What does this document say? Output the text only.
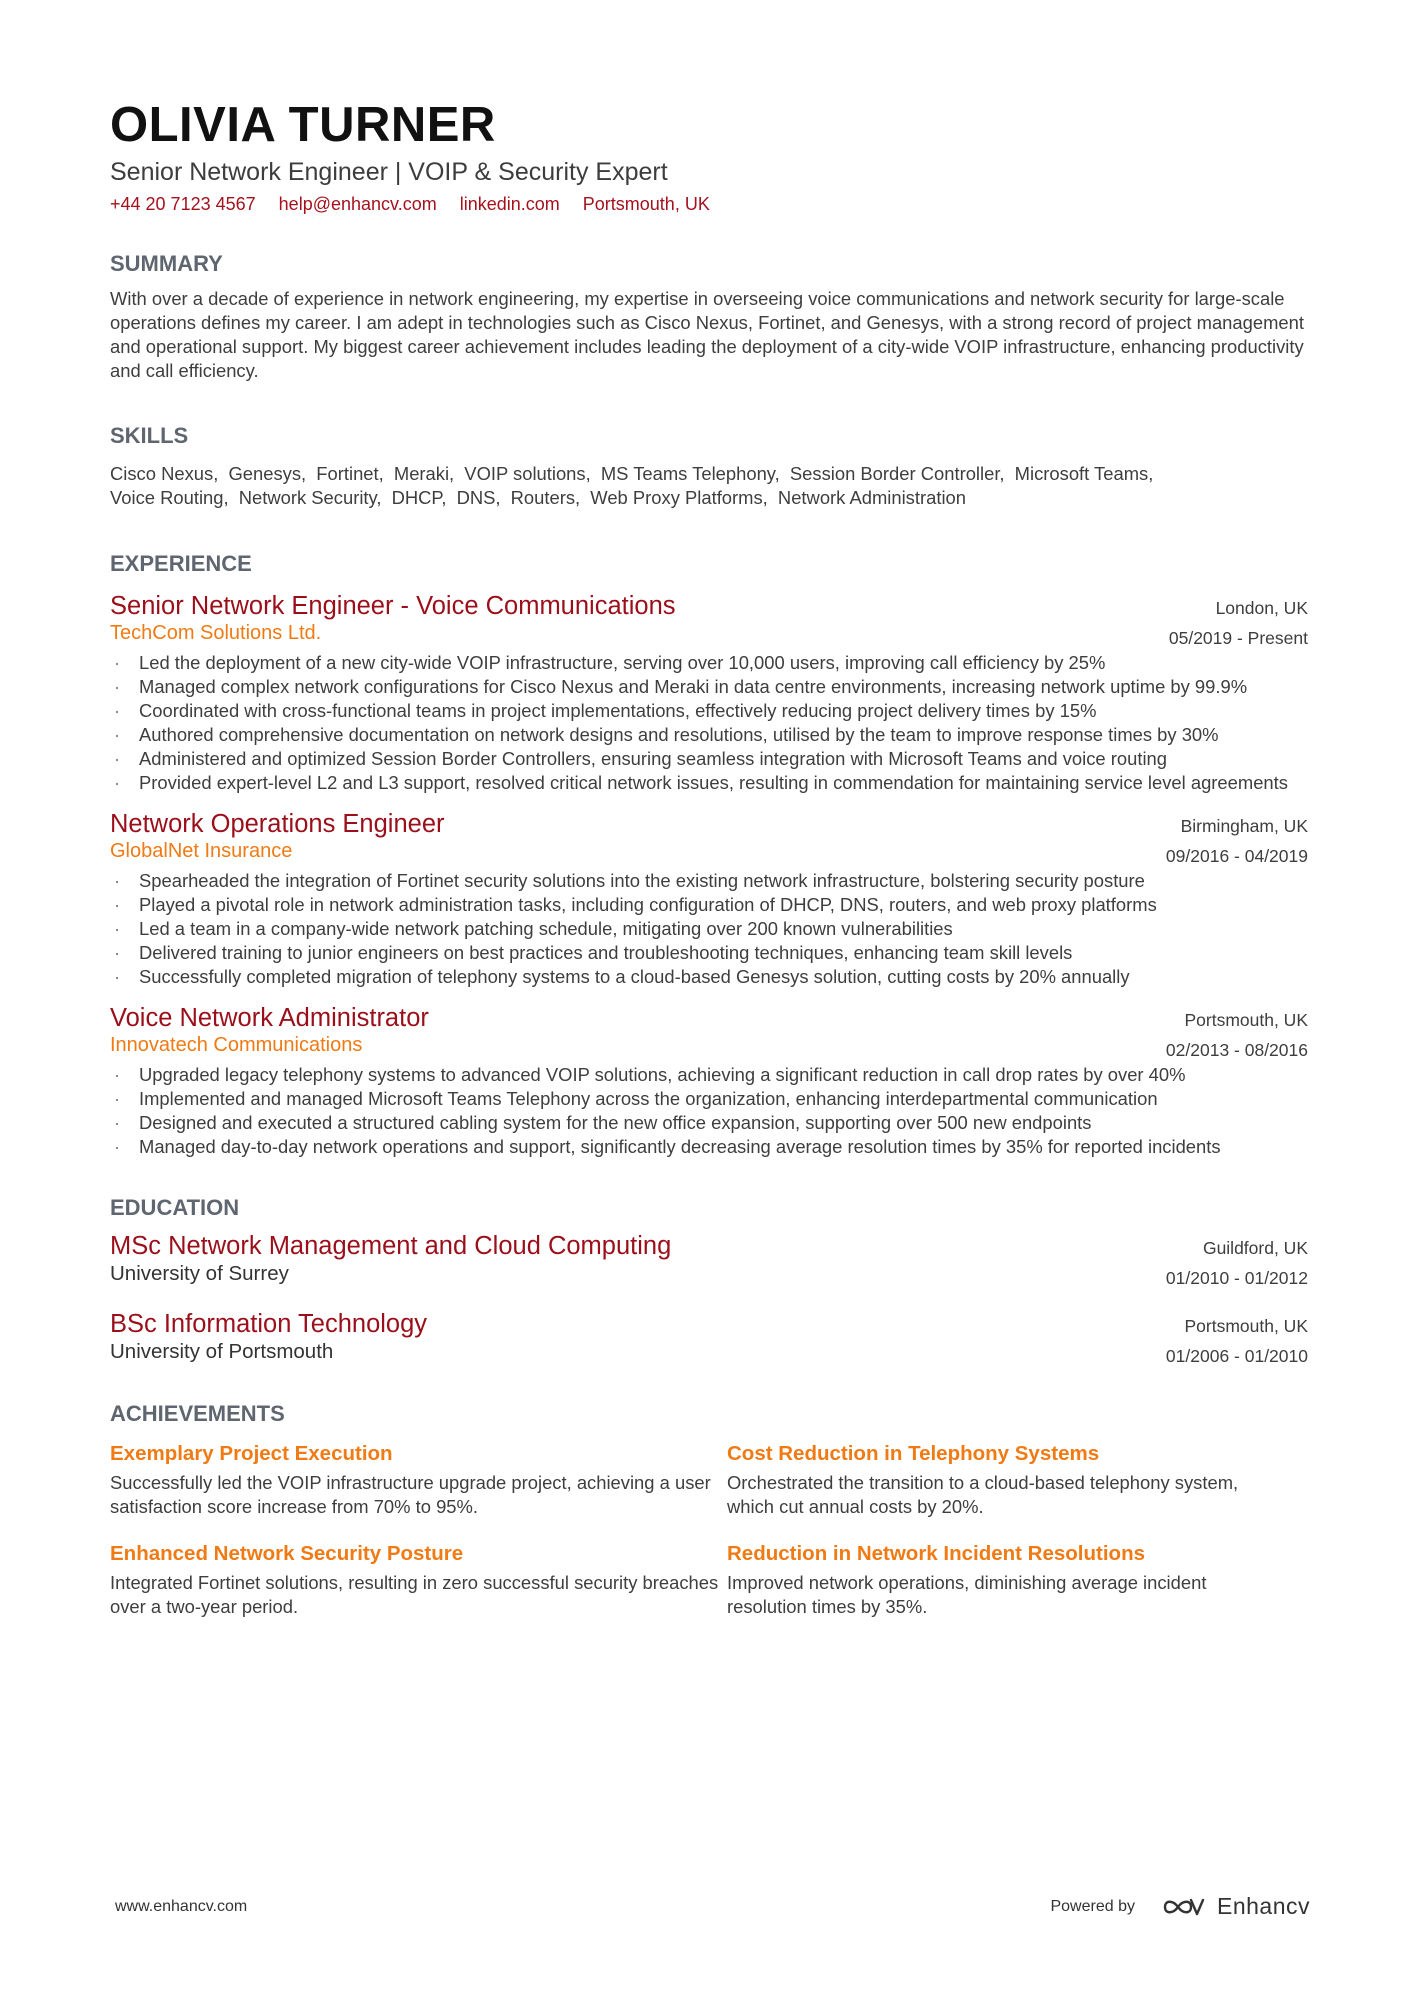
OLIVIA TURNER
Senior Network Engineer | VOIP & Security Expert
+44 20 7123 4567 help@enhancv.com linkedin.com Portsmouth, UK
SUMMARY
With over a decade of experience in network engineering, my expertise in overseeing voice communications and network security for large-scale operations defines my career. I am adept in technologies such as Cisco Nexus, Fortinet, and Genesys, with a strong record of project management and operational support. My biggest career achievement includes leading the deployment of a city-wide VOIP infrastructure, enhancing productivity and call efficiency.
SKILLS
Cisco Nexus, Genesys, Fortinet, Meraki, VOIP solutions, MS Teams Telephony, Session Border Controller, Microsoft Teams,
Voice Routing, Network Security, DHCP, DNS, Routers, Web Proxy Platforms, Network Administration
EXPERIENCE
Senior Network Engineer - Voice Communications
TechCom Solutions Ltd.
London, UK
05/2019 - Present
· Led the deployment of a new city-wide VOIP infrastructure, serving over 10,000 users, improving call efficiency by 25%
· Managed complex network configurations for Cisco Nexus and Meraki in data centre environments, increasing network uptime by 99.9%
· Coordinated with cross-functional teams in project implementations, effectively reducing project delivery times by 15%
· Authored comprehensive documentation on network designs and resolutions, utilised by the team to improve response times by 30%
· Administered and optimized Session Border Controllers, ensuring seamless integration with Microsoft Teams and voice routing
· Provided expert-level L2 and L3 support, resolved critical network issues, resulting in commendation for maintaining service level agreements
Network Operations Engineer
GlobalNet Insurance
Birmingham, UK
09/2016 - 04/2019
· Spearheaded the integration of Fortinet security solutions into the existing network infrastructure, bolstering security posture
· Played a pivotal role in network administration tasks, including configuration of DHCP, DNS, routers, and web proxy platforms
· Led a team in a company-wide network patching schedule, mitigating over 200 known vulnerabilities
· Delivered training to junior engineers on best practices and troubleshooting techniques, enhancing team skill levels
· Successfully completed migration of telephony systems to a cloud-based Genesys solution, cutting costs by 20% annually
Voice Network Administrator
Innovatech Communications
Portsmouth, UK
02/2013 - 08/2016
· Upgraded legacy telephony systems to advanced VOIP solutions, achieving a significant reduction in call drop rates by over 40%
· Implemented and managed Microsoft Teams Telephony across the organization, enhancing interdepartmental communication
· Designed and executed a structured cabling system for the new office expansion, supporting over 500 new endpoints
· Managed day-to-day network operations and support, significantly decreasing average resolution times by 35% for reported incidents
EDUCATION
MSc Network Management and Cloud Computing
University of Surrey
Guildford, UK
01/2010 - 01/2012
BSc Information Technology
University of Portsmouth
Portsmouth, UK
01/2006 - 01/2010
ACHIEVEMENTS
Exemplary Project Execution
Successfully led the VOIP infrastructure upgrade project, achieving a user satisfaction score increase from 70% to 95%.
Cost Reduction in Telephony Systems
Orchestrated the transition to a cloud-based telephony system, which cut annual costs by 20%.
Enhanced Network Security Posture
Integrated Fortinet solutions, resulting in zero successful security breaches over a two-year period.
Reduction in Network Incident Resolutions
Improved network operations, diminishing average incident resolution times by 35%.
www.enhancv.com	Powered by	Enhancv
